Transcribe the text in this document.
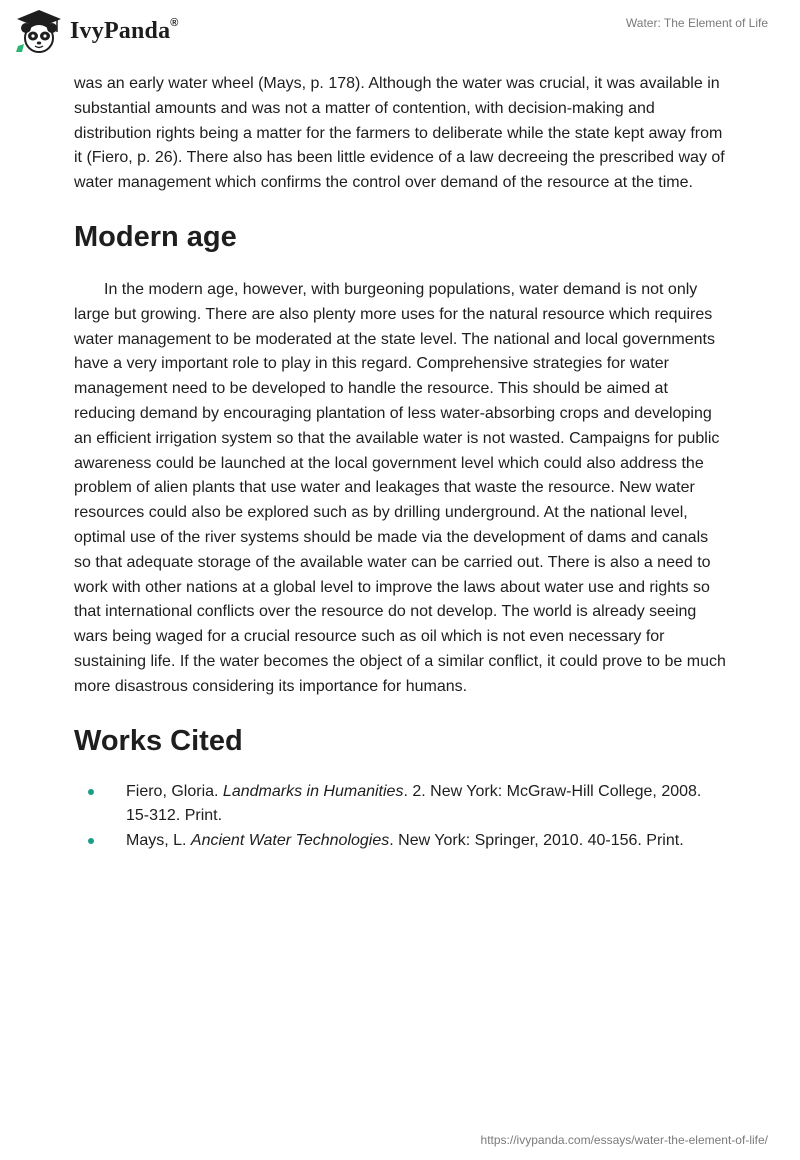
IvyPanda®	Water: The Element of Life

was an early water wheel (Mays, p. 178). Although the water was crucial, it was available in substantial amounts and was not a matter of contention, with decision-making and distribution rights being a matter for the farmers to deliberate while the state kept away from it (Fiero, p. 26). There also has been little evidence of a law decreeing the prescribed way of water management which confirms the control over demand of the resource at the time.

Modern age

In the modern age, however, with burgeoning populations, water demand is not only large but growing. There are also plenty more uses for the natural resource which requires water management to be moderated at the state level. The national and local governments have a very important role to play in this regard. Comprehensive strategies for water management need to be developed to handle the resource. This should be aimed at reducing demand by encouraging plantation of less water-absorbing crops and developing an efficient irrigation system so that the available water is not wasted. Campaigns for public awareness could be launched at the local government level which could also address the problem of alien plants that use water and leakages that waste the resource. New water resources could also be explored such as by drilling underground. At the national level, optimal use of the river systems should be made via the development of dams and canals so that adequate storage of the available water can be carried out. There is also a need to work with other nations at a global level to improve the laws about water use and rights so that international conflicts over the resource do not develop. The world is already seeing wars being waged for a crucial resource such as oil which is not even necessary for sustaining life. If the water becomes the object of a similar conflict, it could prove to be much more disastrous considering its importance for humans.

Works Cited
Fiero, Gloria. Landmarks in Humanities. 2. New York: McGraw-Hill College, 2008. 15-312. Print.
Mays, L. Ancient Water Technologies. New York: Springer, 2010. 40-156. Print.
https://ivypanda.com/essays/water-the-element-of-life/
